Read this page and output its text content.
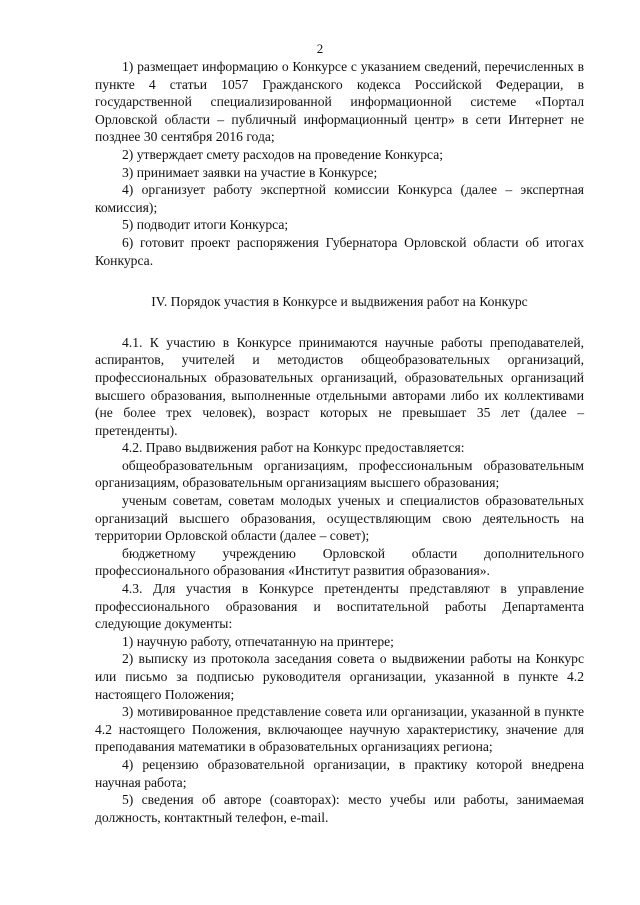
2

1) размещает информацию о Конкурсе с указанием сведений, перечисленных в пункте 4 статьи 1057 Гражданского кодекса Российской Федерации, в государственной специализированной информационной системе «Портал Орловской области – публичный информационный центр» в сети Интернет не позднее 30 сентября 2016 года;

2) утверждает смету расходов на проведение Конкурса;

3) принимает заявки на участие в Конкурсе;

4) организует работу экспертной комиссии Конкурса (далее – экспертная комиссия);

5) подводит итоги Конкурса;

6) готовит проект распоряжения Губернатора Орловской области об итогах Конкурса.

IV. Порядок участия в Конкурсе и выдвижения работ на Конкурс

4.1. К участию в Конкурсе принимаются научные работы преподавателей, аспирантов, учителей и методистов общеобразовательных организаций, профессиональных образовательных организаций, образовательных организаций высшего образования, выполненные отдельными авторами либо их коллективами (не более трех человек), возраст которых не превышает 35 лет (далее – претенденты).

4.2. Право выдвижения работ на Конкурс предоставляется:

общеобразовательным организациям, профессиональным образовательным организациям, образовательным организациям высшего образования;

ученым советам, советам молодых ученых и специалистов образовательных организаций высшего образования, осуществляющим свою деятельность на территории Орловской области (далее – совет);

бюджетному учреждению Орловской области дополнительного профессионального образования «Институт развития образования».

4.3. Для участия в Конкурсе претенденты представляют в управление профессионального образования и воспитательной работы Департамента следующие документы:

1) научную работу, отпечатанную на принтере;

2) выписку из протокола заседания совета о выдвижении работы на Конкурс или письмо за подписью руководителя организации, указанной в пункте 4.2 настоящего Положения;

3) мотивированное представление совета или организации, указанной в пункте 4.2 настоящего Положения, включающее научную характеристику, значение для преподавания математики в образовательных организациях региона;

4) рецензию образовательной организации, в практику которой внедрена научная работа;

5) сведения об авторе (соавторах): место учебы или работы, занимаемая должность, контактный телефон, e-mail.
